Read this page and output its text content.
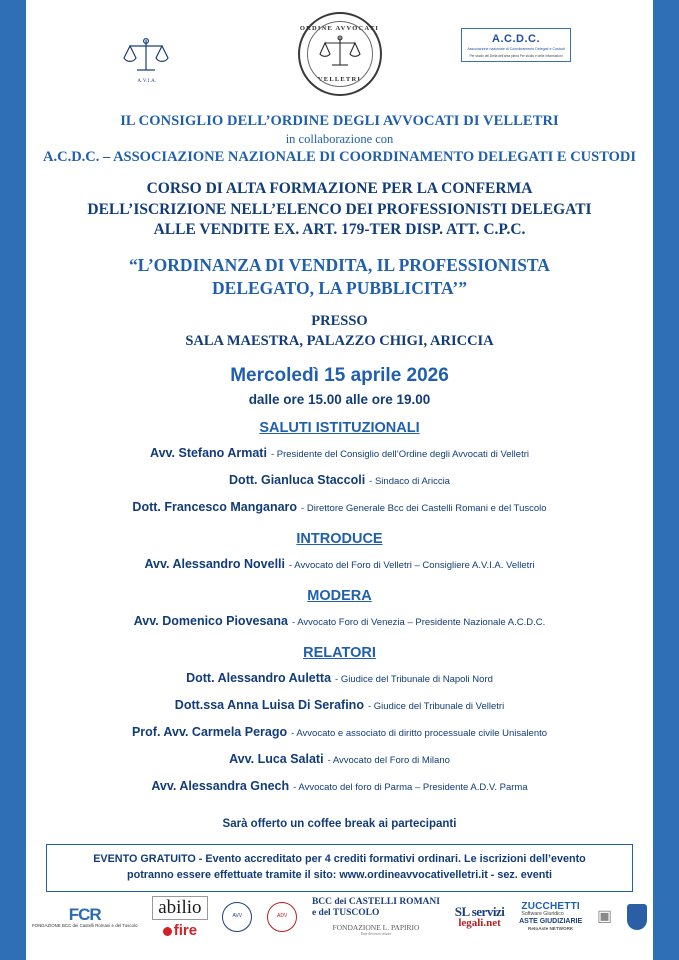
A.V.I.A.
ORDINE AVVOCATI
VELLETRI
A.C.D.C.
Associazione nazionale di Coordinamento Delegati e Custodi
Per studio del Delta dell'area piena Per studio e delle informazioni
IL CONSIGLIO DELL’ORDINE DEGLI AVVOCATI DI VELLETRI
in collaborazione con
A.C.D.C. – ASSOCIAZIONE NAZIONALE DI COORDINAMENTO DELEGATI E CUSTODI
CORSO DI ALTA FORMAZIONE PER LA CONFERMA
DELL’ISCRIZIONE NELL’ELENCO DEI PROFESSIONISTI DELEGATI
ALLE VENDITE EX. ART. 179-TER DISP. ATT. C.P.C.
“L’ORDINANZA DI VENDITA, IL PROFESSIONISTA
DELEGATO, LA PUBBLICITA’”
PRESSO
SALA MAESTRA, PALAZZO CHIGI, ARICCIA
Mercoledì 15 aprile 2026
dalle ore 15.00 alle ore 19.00
SALUTI ISTITUZIONALI
Avv. Stefano Armati - Presidente del Consiglio dell’Ordine degli Avvocati di Velletri
Dott. Gianluca Staccoli - Sindaco di Ariccia
Dott. Francesco Manganaro - Direttore Generale Bcc dei Castelli Romani e del Tuscolo
INTRODUCE
Avv. Alessandro Novelli - Avvocato del Foro di Velletri – Consigliere A.V.I.A. Velletri
MODERA
Avv. Domenico Piovesana - Avvocato Foro di Venezia – Presidente Nazionale A.C.D.C.
RELATORI
Dott. Alessandro Auletta - Giudice del Tribunale di Napoli Nord
Dott.ssa Anna Luisa Di Serafino - Giudice del Tribunale di Velletri
Prof. Avv. Carmela Perago - Avvocato e associato di diritto processuale civile Unisalento
Avv. Luca Salati - Avvocato del Foro di Milano
Avv. Alessandra Gnech - Avvocato del foro di Parma – Presidente A.D.V. Parma
Sarà offerto un coffee break ai partecipanti
EVENTO GRATUITO - Evento accreditato per 4 crediti formativi ordinari. Le iscrizioni dell’evento
potranno essere effettuate tramite il sito: www.ordineavvocativelletri.it - sez. eventi
FCR
FONDAZIONE BCC dei Castelli Romani e del Tuscolo
abilio
fire
AVV	ADV
BCC dei CASTELLI ROMANI
e del TUSCOLO
FONDAZIONE L. PAPIRIO
Ente del terzo settore
SL servizi
legali.net
ZUCCHETTI
Software Giuridico
ASTE GIUDIZIARIE
RetoAste NETWORK
▣
